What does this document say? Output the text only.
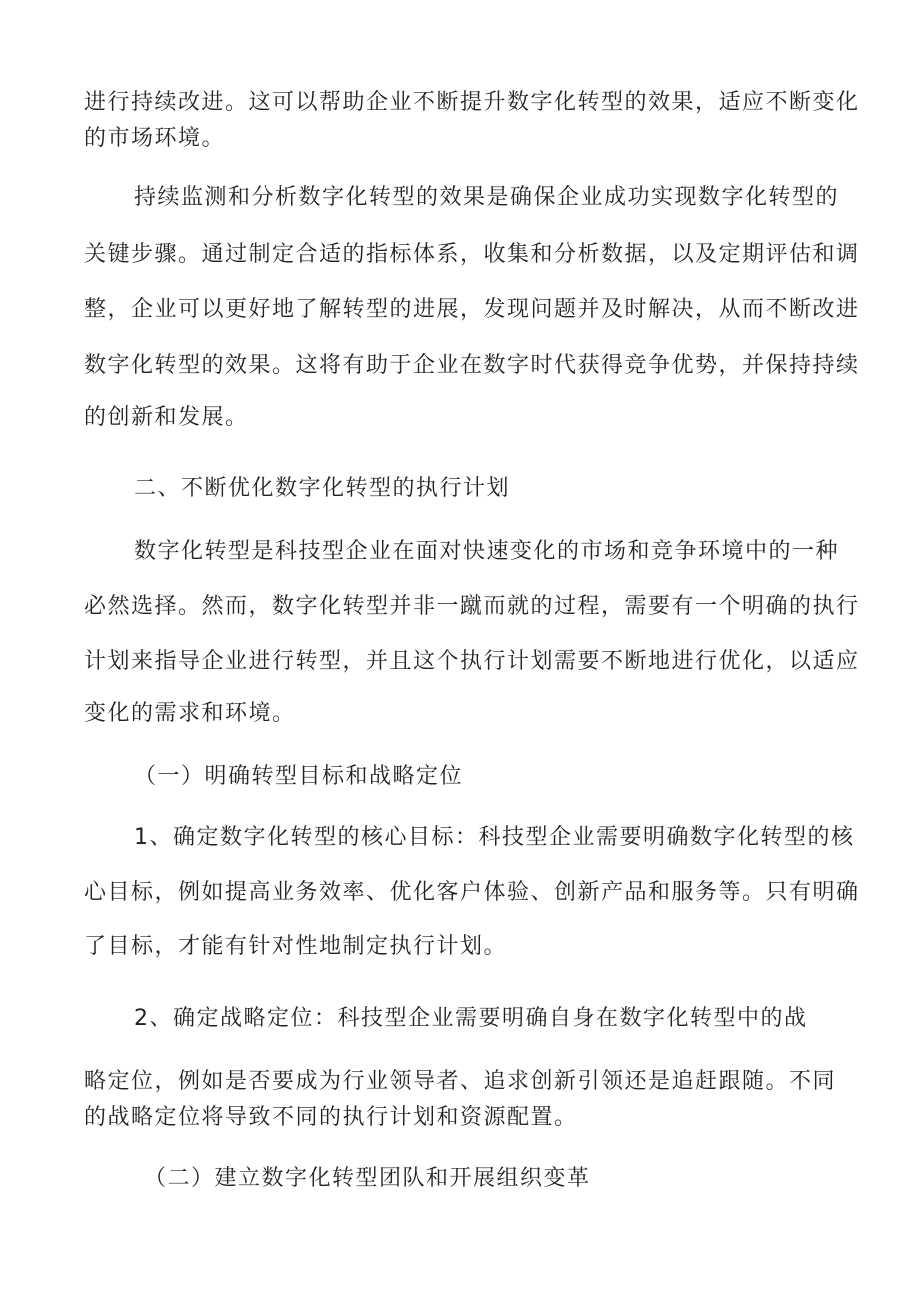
进行持续改进。这可以帮助企业不断提升数字化转型的效果，适应不断变化
的市场环境。
持续监测和分析数字化转型的效果是确保企业成功实现数字化转型的
关键步骤。通过制定合适的指标体系，收集和分析数据，以及定期评估和调
整，企业可以更好地了解转型的进展，发现问题并及时解决，从而不断改进
数字化转型的效果。这将有助于企业在数字时代获得竞争优势，并保持持续
的创新和发展。
二、不断优化数字化转型的执行计划
数字化转型是科技型企业在面对快速变化的市场和竞争环境中的一种
必然选择。然而，数字化转型并非一蹴而就的过程，需要有一个明确的执行
计划来指导企业进行转型，并且这个执行计划需要不断地进行优化，以适应
变化的需求和环境。
（一）明确转型目标和战略定位
1、确定数字化转型的核心目标：科技型企业需要明确数字化转型的核
心目标，例如提高业务效率、优化客户体验、创新产品和服务等。只有明确
了目标，才能有针对性地制定执行计划。
2、确定战略定位：科技型企业需要明确自身在数字化转型中的战
略定位，例如是否要成为行业领导者、追求创新引领还是追赶跟随。不同
的战略定位将导致不同的执行计划和资源配置。
（二）建立数字化转型团队和开展组织变革
